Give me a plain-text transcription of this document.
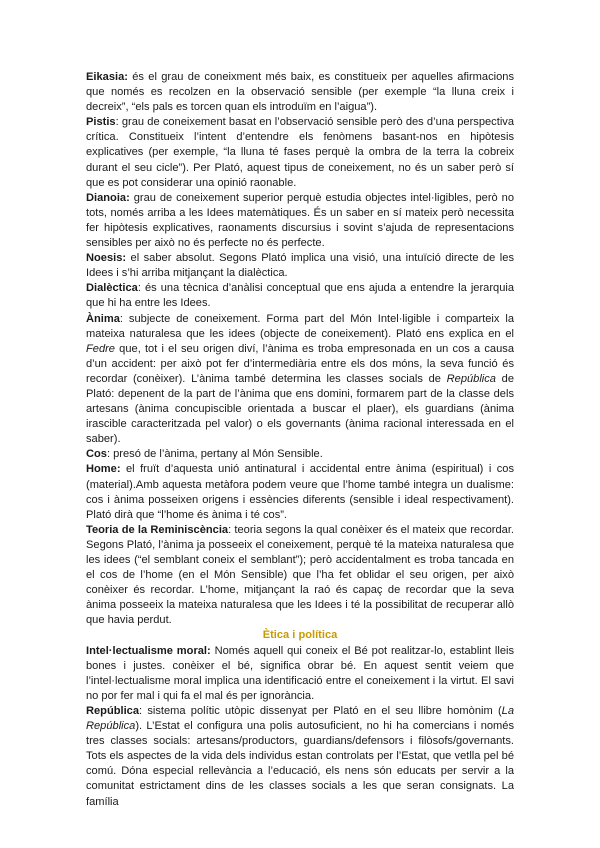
Eikasia: és el grau de coneixment més baix, es constitueix per aquelles afirmacions que només es recolzen en la observació sensible (per exemple “la lluna creix i decreix”, “els pals es torcen quan els introduïm en l’aigua”).

Pistis: grau de coneixement basat en l’observació sensible però des d’una perspectiva crítica. Constitueix l’intent d’entendre els fenòmens basant-nos en hipòtesis explicatives (per exemple, “la lluna té fases perquè la ombra de la terra la cobreix durant el seu cicle”). Per Plató, aquest tipus de coneixement, no és un saber però sí que es pot considerar una opinió raonable.

Dianoia: grau de coneixement superior perquè estudia objectes intel·ligibles, però no tots, només arriba a les Idees matemàtiques. És un saber en sí mateix però necessita fer hipòtesis explicatives, raonaments discursius i sovint s’ajuda de representacions sensibles per això no és perfecte no és perfecte.

Noesis: el saber absolut. Segons Plató implica una visió, una intuïció directe de les Idees i s’hi arriba mitjançant la dialèctica.

Dialèctica: és una tècnica d’anàlisi conceptual que ens ajuda a entendre la jerarquia que hi ha entre les Idees.

Ànima: subjecte de coneixement. Forma part del Món Intel·ligible i comparteix la mateixa naturalesa que les idees (objecte de coneixement). Plató ens explica en el Fedre que, tot i el seu origen diví, l’ànima es troba empresonada en un cos a causa d’un accident: per això pot fer d’intermediària entre els dos móns, la seva funció és recordar (conèixer). L’ànima també determina les classes socials de República de Plató: depenent de la part de l’ànima que ens domini, formarem part de la classe dels artesans (ànima concupiscible orientada a buscar el plaer), els guardians (ànima irascible caracteritzada pel valor) o els governants (ànima racional interessada en el saber).

Cos: presó de l’ànima, pertany al Món Sensible.

Home: el fruït d’aquesta unió antinatural i accidental entre ànima (espiritual) i cos (material).Amb aquesta metàfora podem veure que l’home també integra un dualisme: cos i ànima posseixen origens i essències diferents (sensible i ideal respectivament). Plató dirà que “l’home és ànima i té cos”.

Teoria de la Reminiscència: teoria segons la qual conèixer és el mateix que recordar. Segons Plató, l’ànima ja posseeix el coneixement, perquè té la mateixa naturalesa que les idees (“el semblant coneix el semblant”); però accidentalment es troba tancada en el cos de l’home (en el Món Sensible) que l’ha fet oblidar el seu origen, per això conèixer és recordar. L’home, mitjançant la raó és capaç de recordar que la seva ànima posseeix la mateixa naturalesa que les Idees i té la possibilitat de recuperar allò que havia perdut.

Ètica i política

Intel·lectualisme moral: Només aquell qui coneix el Bé pot realitzar-lo, establint lleis bones i justes. conèixer el bé, significa obrar bé. En aquest sentit veiem que l’intel·lectualisme moral implica una identificació entre el coneixement i la virtut. El savi no por fer mal i qui fa el mal és per ignorància.

República: sistema polític utòpic dissenyat per Plató en el seu llibre homònim (La República). L’Estat el configura una polis autosuficient, no hi ha comercians i només tres classes socials: artesans/productors, guardians/defensors i filòsofs/governants. Tots els aspectes de la vida dels individus estan controlats per l’Estat, que vetlla pel bé comú. Dóna especial rellevància a l’educació, els nens són educats per servir a la comunitat estrictament dins de les classes socials a les que seran consignats. La família
